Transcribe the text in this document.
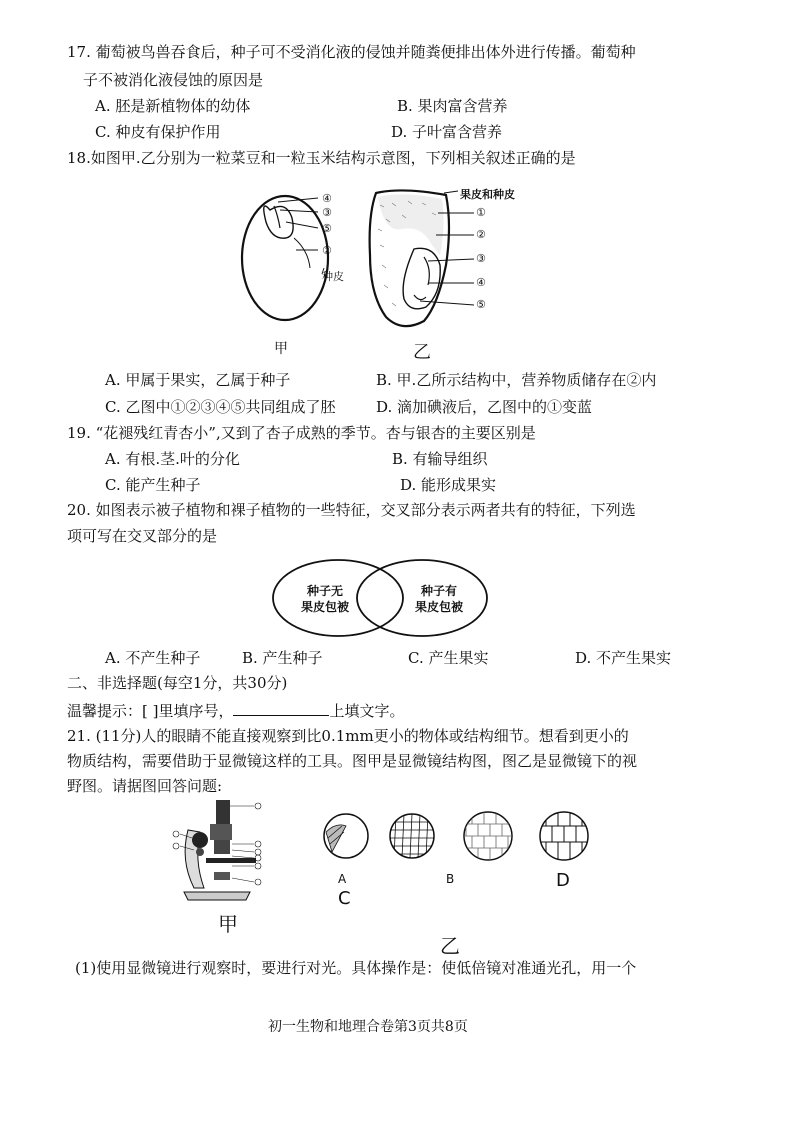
17. 葡萄被鸟兽吞食后，种子可不受消化液的侵蚀并随粪便排出体外进行传播。葡萄种
子不被消化液侵蚀的原因是
A. 胚是新植物体的幼体	B. 果肉富含营养
C. 种皮有保护作用	D. 子叶富含营养
18.如图甲.乙分别为一粒菜豆和一粒玉米结构示意图，下列相关叙述正确的是
④
③
⑤
②
种皮
甲
果皮和种皮
①
②
③
④
⑤
乙
A. 甲属于果实，乙属于种子	B. 甲.乙所示结构中，营养物质储存在②内
C. 乙图中①②③④⑤共同组成了胚	D. 滴加碘液后，乙图中的①变蓝
19. “花褪残红青杏小”,又到了杏子成熟的季节。杏与银杏的主要区别是
A. 有根.茎.叶的分化	B. 有输导组织
C. 能产生种子	D. 能形成果实
20. 如图表示被子植物和裸子植物的一些特征，交叉部分表示两者共有的特征，下列选
项可写在交叉部分的是
种子无
果皮包被
种子有
果皮包被
A. 不产生种子	B. 产生种子	C. 产生果实	D. 不产生果实
二、非选择题(每空1分，共30分)
温馨提示：[ ]里填序号，	上填文字。
21. (11分)人的眼睛不能直接观察到比0.1mm更小的物体或结构细节。想看到更小的
物质结构，需要借助于显微镜这样的工具。图甲是显微镜结构图，图乙是显微镜下的视
野图。请据图回答问题:
甲
A	B
C
D
乙
(1)使用显微镜进行观察时，要进行对光。具体操作是：使低倍镜对准通光孔，用一个
初一生物和地理合卷第3页共8页
